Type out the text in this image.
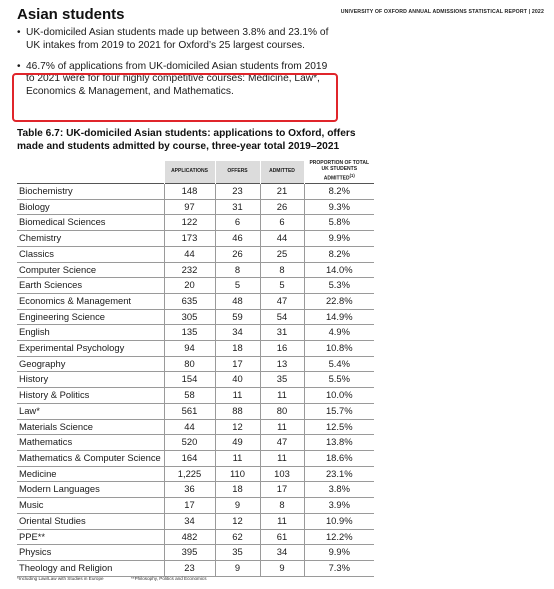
UNIVERSITY OF OXFORD ANNUAL ADMISSIONS STATISTICAL REPORT | 2022
Asian students
• UK-domiciled Asian students made up between 3.8% and 23.1% of UK intakes from 2019 to 2021 for Oxford’s 25 largest courses.
• 46.7% of applications from UK-domiciled Asian students from 2019 to 2021 were for four highly competitive courses: Medicine, Law*, Economics & Management, and Mathematics.
Table 6.7: UK-domiciled Asian students: applications to Oxford, offers made and students admitted by course, three-year total 2019–2021
	APPLICATIONS	OFFERS	ADMITTED	PROPORTION OF TOTAL UK STUDENTS ADMITTED$^{(1)}$
Biochemistry	148	23	21	8.2%
Biology	97	31	26	9.3%
Biomedical Sciences	122	6	6	5.8%
Chemistry	173	46	44	9.9%
Classics	44	26	25	8.2%
Computer Science	232	8	8	14.0%
Earth Sciences	20	5	5	5.3%
Economics & Management	635	48	47	22.8%
Engineering Science	305	59	54	14.9%
English	135	34	31	4.9%
Experimental Psychology	94	18	16	10.8%
Geography	80	17	13	5.4%
History	154	40	35	5.5%
History & Politics	58	11	11	10.0%
Law*	561	88	80	15.7%
Materials Science	44	12	11	12.5%
Mathematics	520	49	47	13.8%
Mathematics & Computer Science	164	11	11	18.6%
Medicine	1,225	110	103	23.1%
Modern Languages	36	18	17	3.8%
Music	17	9	8	3.9%
Oriental Studies	34	12	11	10.9%
PPE**	482	62	61	12.2%
Physics	395	35	34	9.9%
Theology and Religion	23	9	9	7.3%
*Including Law/Law with Studies in Europe	**Philosophy, Politics and Economics
